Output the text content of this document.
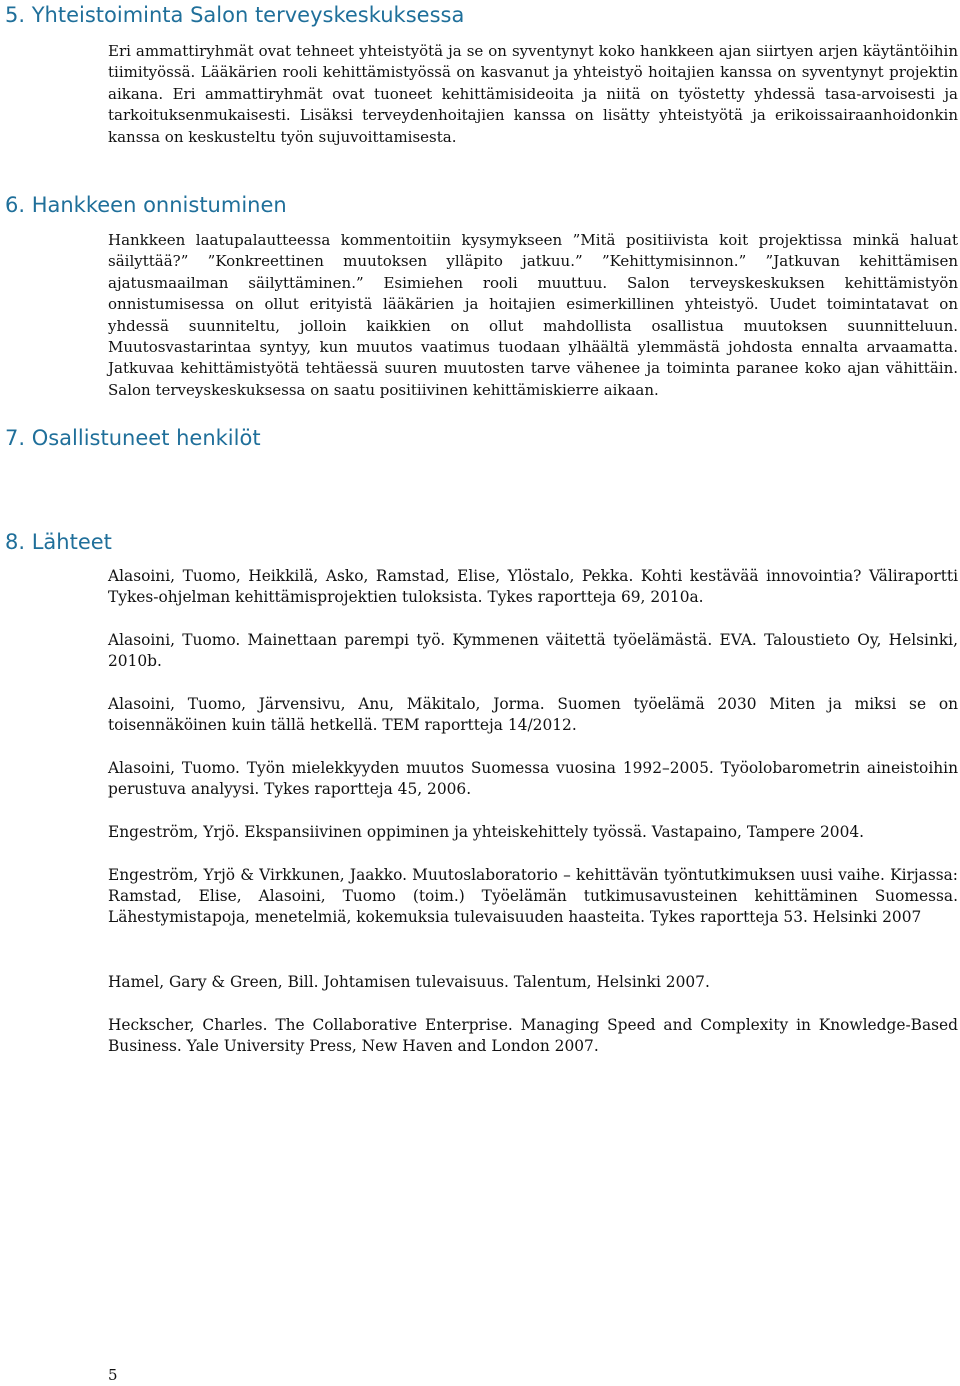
5. Yhteistoiminta Salon terveyskeskuksessa

Eri ammattiryhmät ovat tehneet yhteistyötä ja se on syventynyt koko hankkeen ajan siirtyen arjen käytäntöihin tiimityössä. Lääkärien rooli kehittämistyössä on kasvanut ja yhteistyö hoitajien kanssa on syventynyt projektin aikana. Eri ammattiryhmät ovat tuoneet kehittämisideoita ja niitä on työstetty yhdessä tasa-arvoisesti ja tarkoituksenmukaisesti. Lisäksi terveydenhoitajien kanssa on lisätty yhteistyötä ja erikoissairaanhoidonkin kanssa on keskusteltu työn sujuvoittamisesta.

6. Hankkeen onnistuminen

Hankkeen laatupalautteessa kommentoitiin kysymykseen ”Mitä positiivista koit projektissa minkä haluat säilyttää?” ”Konkreettinen muutoksen ylläpito jatkuu.” ”Kehittymisinnon.” ”Jatkuvan kehittämisen ajatusmaailman säilyttäminen.” Esimiehen rooli muuttuu. Salon terveyskeskuksen kehittämistyön onnistumisessa on ollut erityistä lääkärien ja hoitajien esimerkillinen yhteistyö. Uudet toimintatavat on yhdessä suunniteltu, jolloin kaikkien on ollut mahdollista osallistua muutoksen suunnitteluun. Muutosvastarintaa syntyy, kun muutos vaatimus tuodaan ylhäältä ylemmästä johdosta ennalta arvaamatta. Jatkuvaa kehittämistyötä tehtäessä suuren muutosten tarve vähenee ja toiminta paranee koko ajan vähittäin. Salon terveyskeskuksessa on saatu positiivinen kehittämiskierre aikaan.

7. Osallistuneet henkilöt
8. Lähteet

Alasoini, Tuomo, Heikkilä, Asko, Ramstad, Elise, Ylöstalo, Pekka. Kohti kestävää innovointia? Väliraportti Tykes-ohjelman kehittämisprojektien tuloksista. Tykes raportteja 69, 2010a.

Alasoini, Tuomo. Mainettaan parempi työ. Kymmenen väitettä työelämästä. EVA. Taloustieto Oy, Helsinki, 2010b.

Alasoini, Tuomo, Järvensivu, Anu, Mäkitalo, Jorma. Suomen työelämä 2030 Miten ja miksi se on toisennäköinen kuin tällä hetkellä. TEM raportteja 14/2012.

Alasoini, Tuomo. Työn mielekkyyden muutos Suomessa vuosina 1992–2005. Työolobarometrin aineistoihin perustuva analyysi. Tykes raportteja 45, 2006.

Engeström, Yrjö. Ekspansiivinen oppiminen ja yhteiskehittely työssä. Vastapaino, Tampere 2004.

Engeström, Yrjö & Virkkunen, Jaakko. Muutoslaboratorio – kehittävän työntutkimuksen uusi vaihe. Kirjassa: Ramstad, Elise, Alasoini, Tuomo (toim.) Työelämän tutkimusavusteinen kehittäminen Suomessa. Lähestymistapoja, menetelmiä, kokemuksia tulevaisuuden haasteita. Tykes raportteja 53. Helsinki 2007

Hamel, Gary & Green, Bill. Johtamisen tulevaisuus. Talentum, Helsinki 2007.

Heckscher, Charles. The Collaborative Enterprise. Managing Speed and Complexity in Knowledge-Based Business. Yale University Press, New Haven and London 2007.

5
